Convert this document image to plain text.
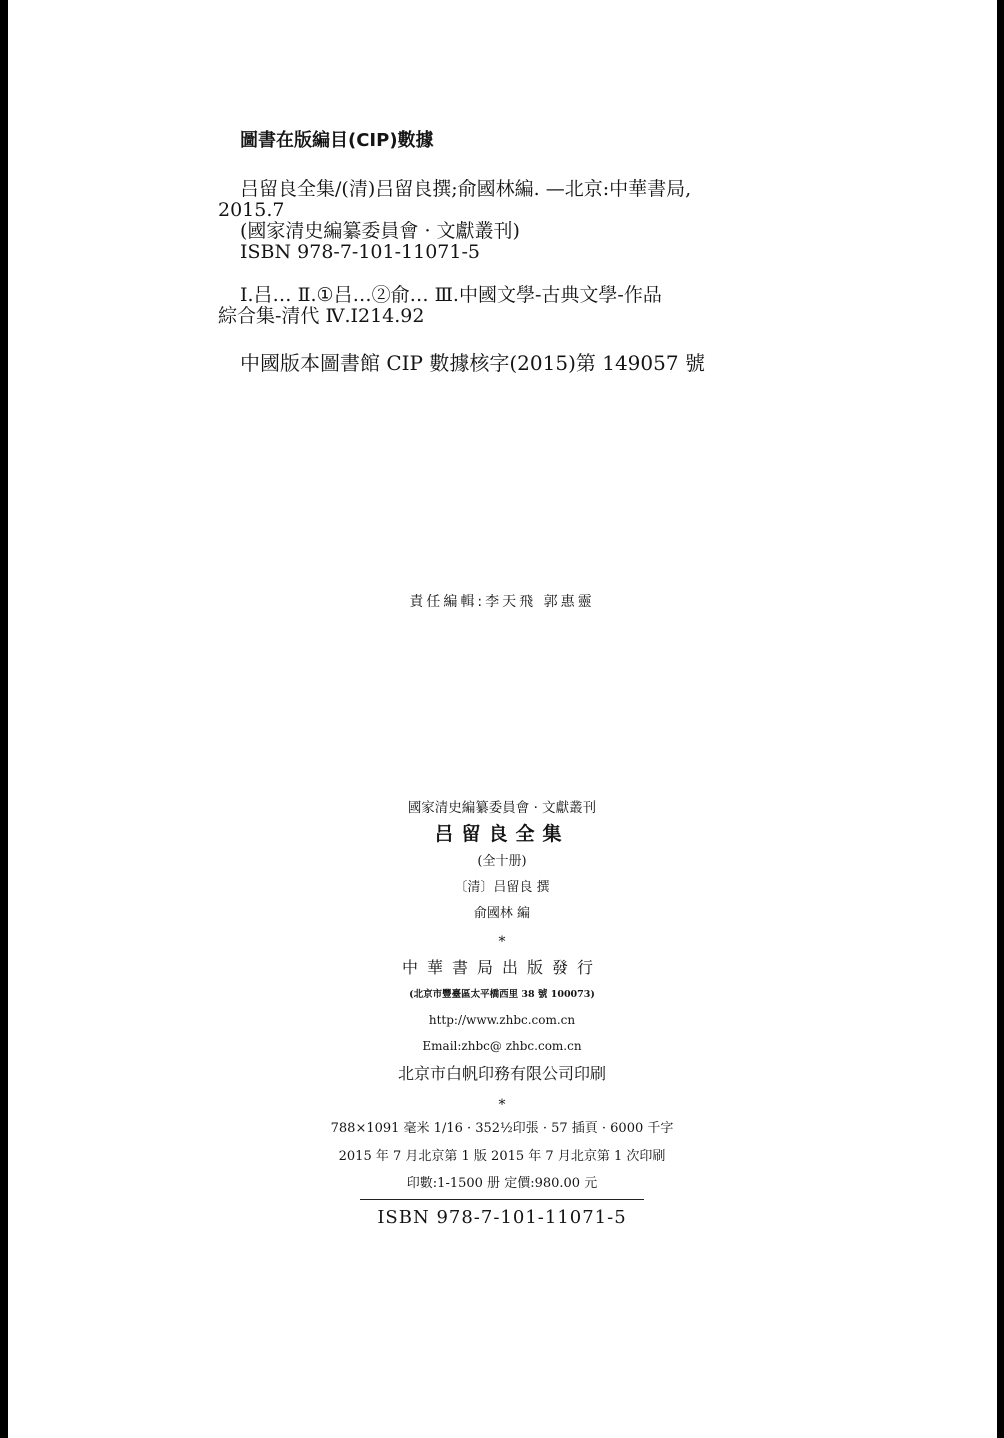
圖書在版編目(CIP)數據

吕留良全集/(清)吕留良撰;俞國林編. —北京:中華書局,

2015.7

(國家清史編纂委員會 · 文獻叢刊)

ISBN 978-7-101-11071-5

Ⅰ.吕… Ⅱ.①吕…②俞… Ⅲ.中國文學-古典文學-作品

綜合集-清代 Ⅳ.I214.92

中國版本圖書館 CIP 數據核字(2015)第 149057 號

責任編輯:李天飛 郭惠靈
國家清史編纂委員會 · 文獻叢刊
吕留良全集
(全十册)
〔清〕吕留良 撰
俞國林 編
*
中華書局出版發行
(北京市豐臺區太平橋西里 38 號 100073)
http://www.zhbc.com.cn
Email:zhbc@ zhbc.com.cn
北京市白帆印務有限公司印刷
*
788×1091 毫米 1/16 · 352½印張 · 57 插頁 · 6000 千字
2015 年 7 月北京第 1 版 2015 年 7 月北京第 1 次印刷
印數:1-1500 册 定價:980.00 元
ISBN 978-7-101-11071-5
